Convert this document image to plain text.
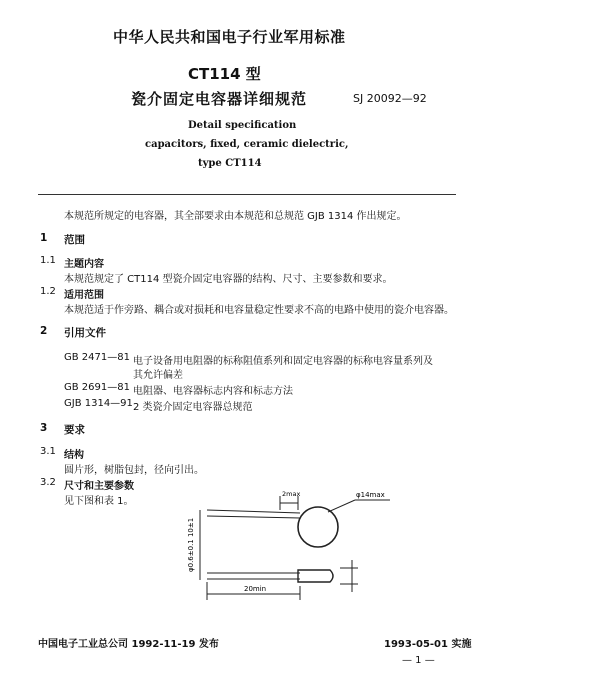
中华人民共和国电子行业军用标准
CT114 型
瓷介固定电容器详细规范	SJ 20092—92
Detail specification
capacitors, fixed, ceramic dielectric,
type CT114
本规范所规定的电容器，其全部要求由本规范和总规范 GJB 1314 作出规定。
1 范围
1.1 主题内容
本规范规定了 CT114 型瓷介固定电容器的结构、尺寸、主要参数和要求。
1.2 适用范围
本规范适于作旁路、耦合或对损耗和电容量稳定性要求不高的电路中使用的瓷介电容器。
2 引用文件
GB 2471—81 电子设备用电阻器的标称阻值系列和固定电容器的标称电容量系列及
其允许偏差
GB 2691—81 电阻器、电容器标志内容和标志方法
GJB 1314—91 2 类瓷介固定电容器总规范
3 要求
3.1 结构
圆片形，树脂包封，径向引出。
3.2 尺寸和主要参数
见下图和表 1。
2max	φ14max
φ0.6±0.1 10±1
20min
中国电子工业总公司 1992-11-19 发布	1993-05-01 实施
— 1 —
